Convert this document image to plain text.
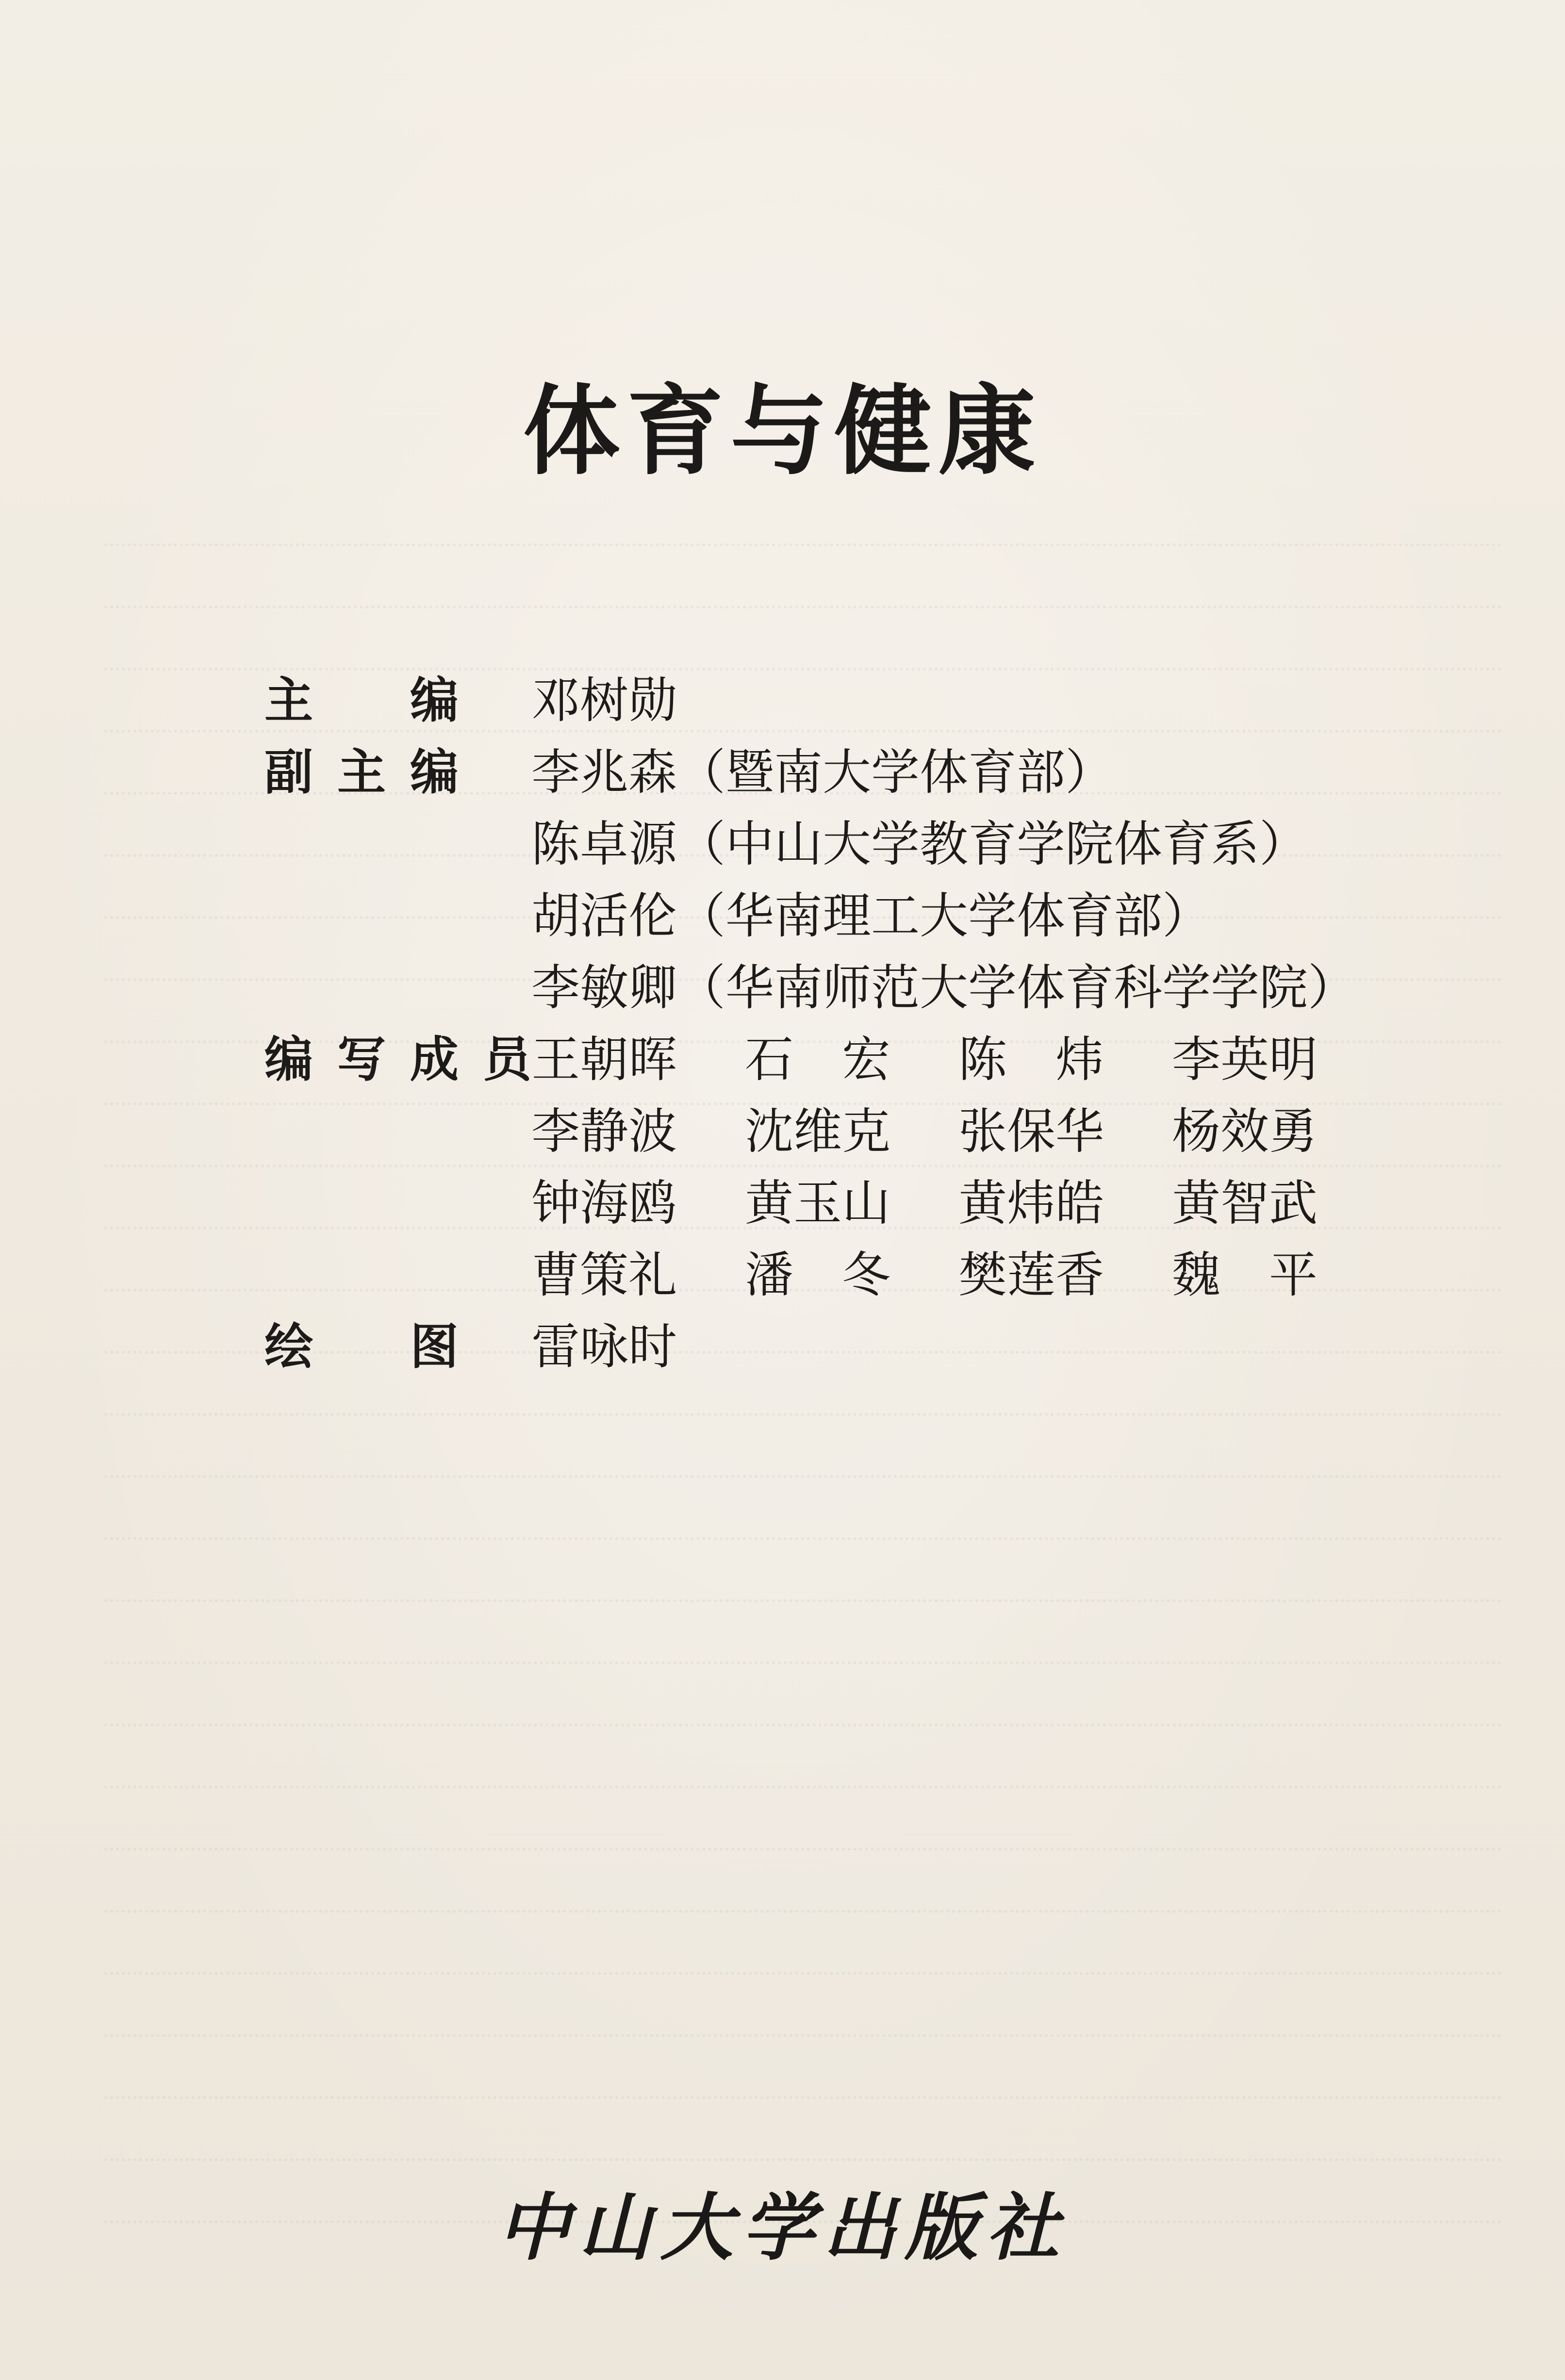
体育与健康
主 编 邓树勋
副 主 编 李兆森（暨南大学体育部）
陈卓源（中山大学教育学院体育系）
胡活伦（华南理工大学体育部）
李敏卿（华南师范大学体育科学学院）
编 写 成 员 王朝晖	石　宏	陈　炜	李英明
李静波	沈维克	张保华	杨效勇
钟海鸥	黄玉山	黄炜皓	黄智武
曹策礼	潘　冬	樊莲香	魏　平
绘 图 雷咏时
中山大学出版社
